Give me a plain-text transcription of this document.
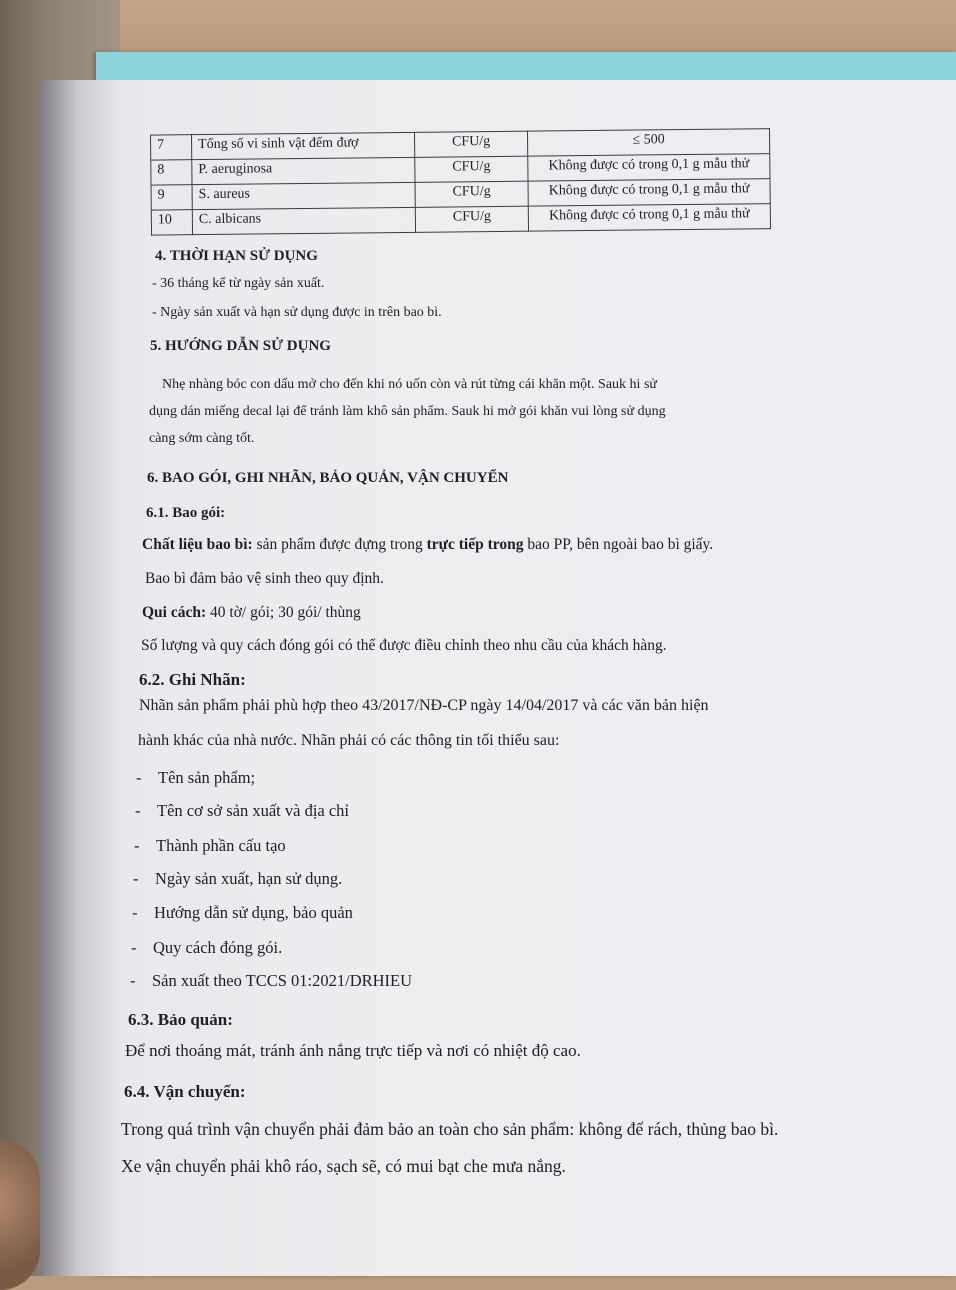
7	Tổng số vi sinh vật đếm đượ	CFU/g	≤ 500
8	P. aeruginosa	CFU/g	Không được có trong 0,1 g mẫu thử
9	S. aureus	CFU/g	Không được có trong 0,1 g mẫu thử
10	C. albicans	CFU/g	Không được có trong 0,1 g mẫu thử
4. THỜI HẠN SỬ DỤNG
- 36 tháng kể từ ngày sản xuất.
- Ngày sản xuất và hạn sử dụng được in trên bao bì.
5. HƯỚNG DẪN SỬ DỤNG
Nhẹ nhàng bóc con dấu mở cho đến khi nó uốn còn và rút từng cái khăn một. Sauk hi sử
dụng dán miếng decal lại để tránh làm khô sản phẩm. Sauk hi mở gói khăn vui lòng sử dụng
càng sớm càng tốt.
6. BAO GÓI, GHI NHÃN, BẢO QUẢN, VẬN CHUYỂN
6.1. Bao gói:
Chất liệu bao bì: sản phẩm được đựng trong trực tiếp trong bao PP, bên ngoài bao bì giấy.
Bao bì đảm bảo vệ sinh theo quy định.
Qui cách: 40 tờ/ gói; 30 gói/ thùng
Số lượng và quy cách đóng gói có thể được điều chỉnh theo nhu cầu của khách hàng.
6.2. Ghi Nhãn:
Nhãn sản phẩm phải phù hợp theo 43/2017/NĐ-CP ngày 14/04/2017 và các văn bản hiện
hành khác của nhà nước. Nhãn phải có các thông tin tối thiểu sau:
- Tên sản phẩm;
- Tên cơ sở sản xuất và địa chỉ
- Thành phần cấu tạo
- Ngày sản xuất, hạn sử dụng.
- Hướng dẫn sử dụng, bảo quản
- Quy cách đóng gói.
- Sản xuất theo TCCS 01:2021/DRHIEU
6.3. Bảo quản:
Để nơi thoáng mát, tránh ánh nắng trực tiếp và nơi có nhiệt độ cao.
6.4. Vận chuyển:
Trong quá trình vận chuyển phải đảm bảo an toàn cho sản phẩm: không để rách, thủng bao bì.
Xe vận chuyển phải khô ráo, sạch sẽ, có mui bạt che mưa nắng.
